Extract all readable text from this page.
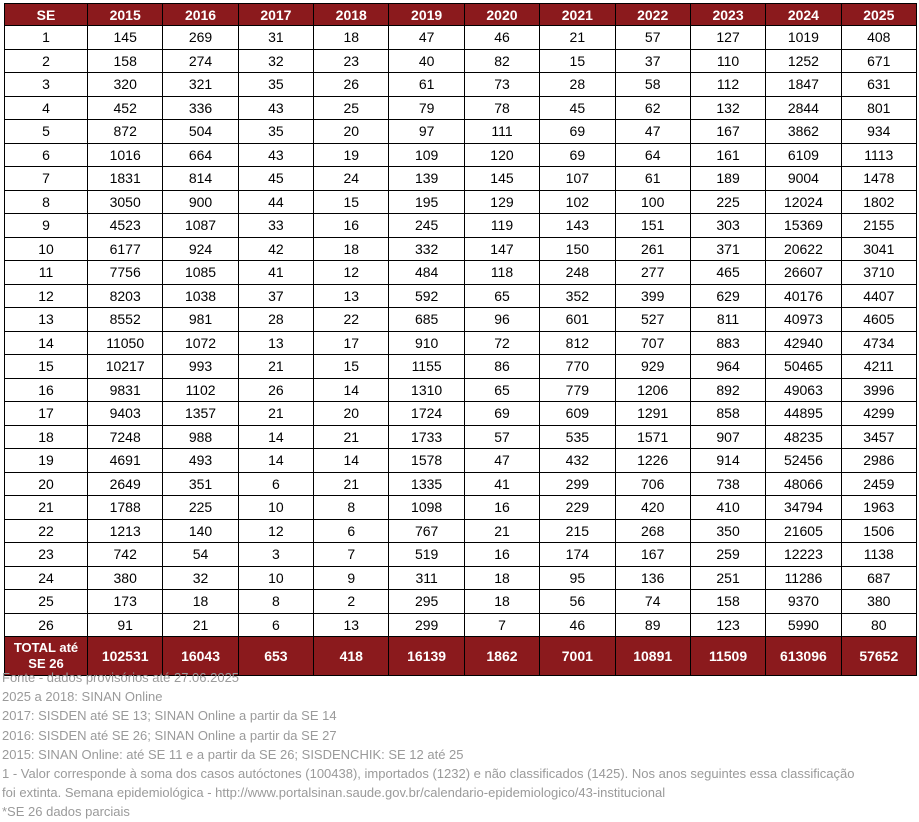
SE	2015	2016	2017	2018	2019	2020	2021	2022	2023	2024	2025
1	145	269	31	18	47	46	21	57	127	1019	408
2	158	274	32	23	40	82	15	37	110	1252	671
3	320	321	35	26	61	73	28	58	112	1847	631
4	452	336	43	25	79	78	45	62	132	2844	801
5	872	504	35	20	97	111	69	47	167	3862	934
6	1016	664	43	19	109	120	69	64	161	6109	1113
7	1831	814	45	24	139	145	107	61	189	9004	1478
8	3050	900	44	15	195	129	102	100	225	12024	1802
9	4523	1087	33	16	245	119	143	151	303	15369	2155
10	6177	924	42	18	332	147	150	261	371	20622	3041
11	7756	1085	41	12	484	118	248	277	465	26607	3710
12	8203	1038	37	13	592	65	352	399	629	40176	4407
13	8552	981	28	22	685	96	601	527	811	40973	4605
14	11050	1072	13	17	910	72	812	707	883	42940	4734
15	10217	993	21	15	1155	86	770	929	964	50465	4211
16	9831	1102	26	14	1310	65	779	1206	892	49063	3996
17	9403	1357	21	20	1724	69	609	1291	858	44895	4299
18	7248	988	14	21	1733	57	535	1571	907	48235	3457
19	4691	493	14	14	1578	47	432	1226	914	52456	2986
20	2649	351	6	21	1335	41	299	706	738	48066	2459
21	1788	225	10	8	1098	16	229	420	410	34794	1963
22	1213	140	12	6	767	21	215	268	350	21605	1506
23	742	54	3	7	519	16	174	167	259	12223	1138
24	380	32	10	9	311	18	95	136	251	11286	687
25	173	18	8	2	295	18	56	74	158	9370	380
26	91	21	6	13	299	7	46	89	123	5990	80
TOTAL até
SE 26	102531	16043	653	418	16139	1862	7001	10891	11509	613096	57652
Fonte - dados provisórios até 27.06.2025
2025 a 2018: SINAN Online
2017: SISDEN até SE 13; SINAN Online a partir da SE 14
2016: SISDEN até SE 26; SINAN Online a partir da SE 27
2015: SINAN Online: até SE 11 e a partir da SE 26; SISDENCHIK: SE 12 até 25
1 - Valor corresponde à soma dos casos autóctones (100438), importados (1232) e não classificados (1425). Nos anos seguintes essa classificação
foi extinta. Semana epidemiológica - http://www.portalsinan.saude.gov.br/calendario-epidemiologico/43-institucional
*SE 26 dados parciais
